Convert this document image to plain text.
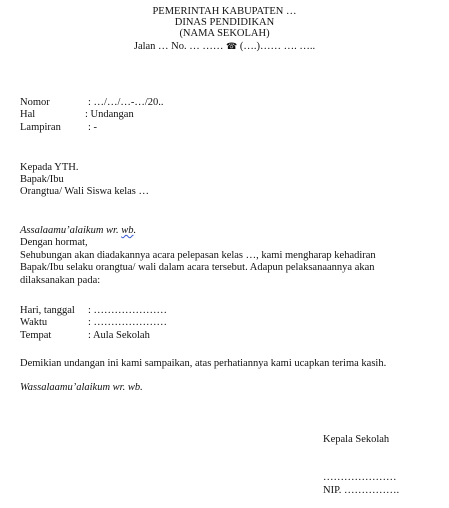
PEMERINTAH KABUPATEN …
DINAS PENDIDIKAN
(NAMA SEKOLAH)
Jalan … No. … …… ☎ (….)…… …. …..
Nomor	: …/…/…-…/20..
Hal	: Undangan
Lampiran	: -
Kepada YTH.
Bapak/Ibu
Orangtua/ Wali Siswa kelas …
Assalaamu’alaikum wr. wb.
Dengan hormat,
Sehubungan akan diadakannya acara pelepasan kelas …, kami mengharap kehadiran
Bapak/Ibu selaku orangtua/ wali dalam acara tersebut. Adapun pelaksanaannya akan
dilaksanakan pada:
Hari, tanggal : …………………
Waktu	: …………………
Tempat	: Aula Sekolah
Demikian undangan ini kami sampaikan, atas perhatiannya kami ucapkan terima kasih.
Wassalaamu’alaikum wr. wb.
Kepala Sekolah
…………………
NIP. …………….
